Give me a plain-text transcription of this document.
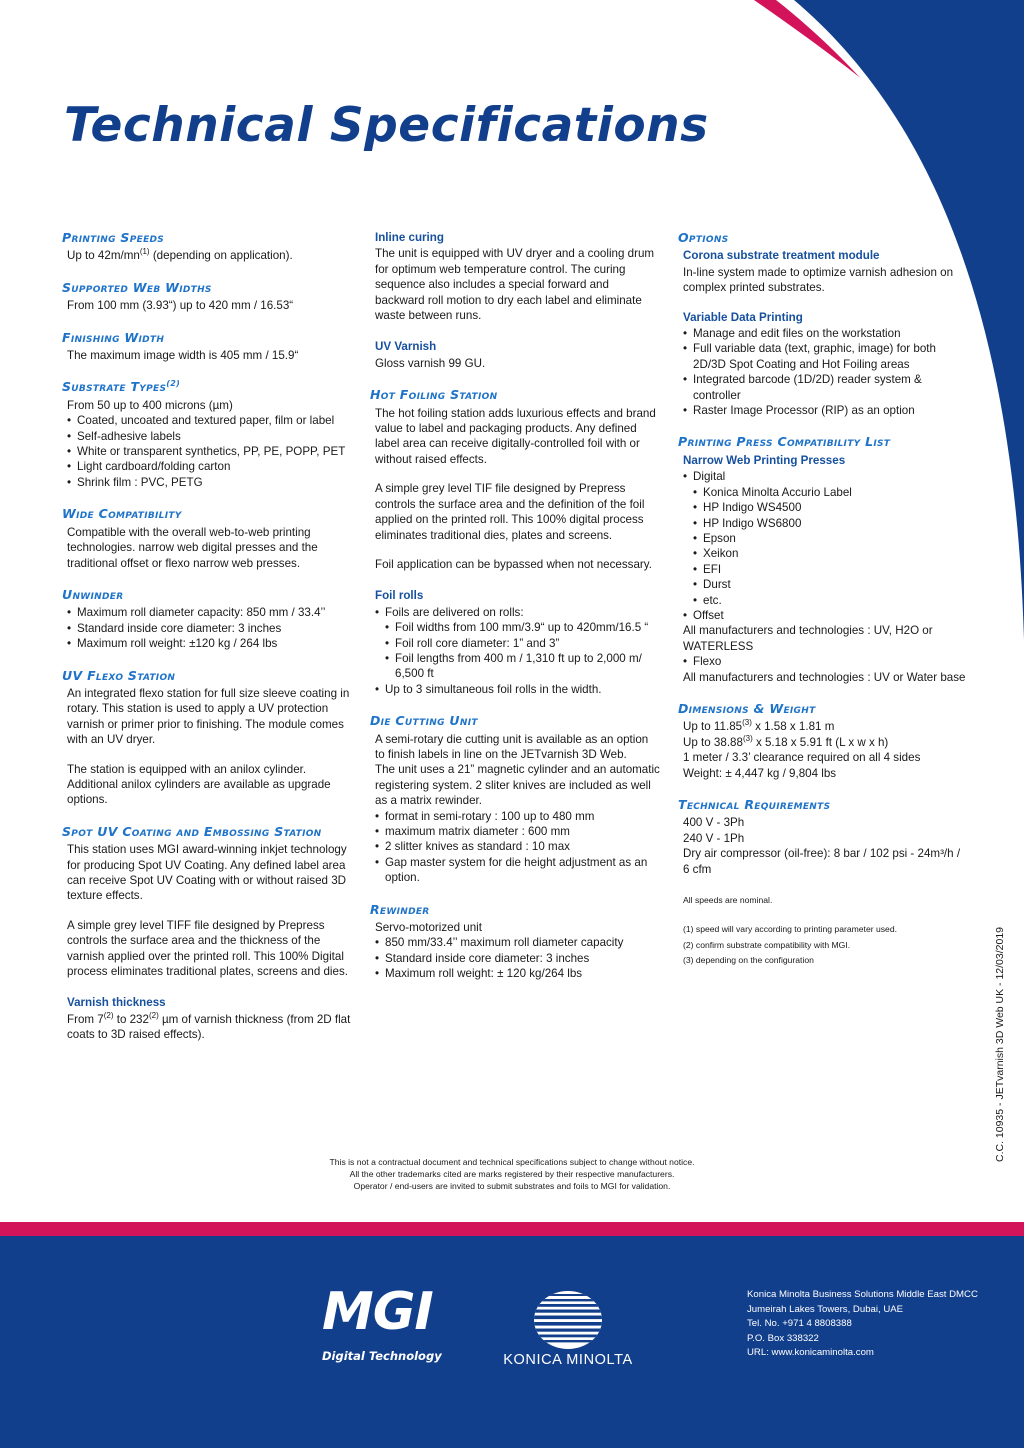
Technical Specifications
Printing Speeds
Up to $42m/mn^{(1)}$ (depending on application).
Supported Web Widths
From 100 mm (3.93“) up to 420 mm / 16.53“
Finishing Width
The maximum image width is 405 mm / 15.9“
Substrate Types$^{(2)}$
From 50 up to 400 microns (µm)
• Coated, uncoated and textured paper, film or label
• Self-adhesive labels
• White or transparent synthetics, PP, PE, POPP, PET
• Light cardboard/folding carton
• Shrink film : PVC, PETG
Wide Compatibility
Compatible with the overall web-to-web printing technologies. narrow web digital presses and the traditional offset or flexo narrow web presses.
Unwinder
• Maximum roll diameter capacity: 850 mm / 33.4’’
• Standard inside core diameter: 3 inches
• Maximum roll weight: ±120 kg / 264 lbs
UV Flexo Station
An integrated flexo station for full size sleeve coating in rotary. This station is used to apply a UV protection varnish or primer prior to finishing. The module comes with an UV dryer.
The station is equipped with an anilox cylinder. Additional anilox cylinders are available as upgrade options.
Spot UV Coating and Embossing Station
This station uses MGI award-winning inkjet technology for producing Spot UV Coating. Any defined label area can receive Spot UV Coating with or without raised 3D texture effects.
A simple grey level TIFF file designed by Prepress controls the surface area and the thickness of the varnish applied over the printed roll. This 100% Digital process eliminates traditional plates, screens and dies.
Varnish thickness
From 7$^{(2)}$ to 232$^{(2)}$ µm of varnish thickness (from 2D flat coats to 3D raised effects).
Inline curing
The unit is equipped with UV dryer and a cooling drum for optimum web temperature control. The curing sequence also includes a special forward and backward roll motion to dry each label and eliminate waste between runs.
UV Varnish
Gloss varnish 99 GU.
Hot Foiling Station
The hot foiling station adds luxurious effects and brand value to label and packaging products. Any defined label area can receive digitally-controlled foil with or without raised effects.
A simple grey level TIF file designed by Prepress controls the surface area and the definition of the foil applied on the printed roll. This 100% digital process eliminates traditional dies, plates and screens.
Foil application can be bypassed when not necessary.
Foil rolls
• Foils are delivered on rolls:
• Foil widths from 100 mm/3.9“ up to 420mm/16.5 “
• Foil roll core diameter: 1” and 3”
• Foil lengths from 400 m / 1,310 ft up to 2,000 m/ 6,500 ft
• Up to 3 simultaneous foil rolls in the width.
Die Cutting Unit
A semi-rotary die cutting unit is available as an option to finish labels in line on the JETvarnish 3D Web.
The unit uses a 21” magnetic cylinder and an automatic registering system. 2 sliter knives are included as well as a matrix rewinder.
• format in semi-rotary : 100 up to 480 mm
• maximum matrix diameter : 600 mm
• 2 slitter knives as standard : 10 max
• Gap master system for die height adjustment as an option.
Rewinder
Servo-motorized unit
• 850 mm/33.4’’ maximum roll diameter capacity
• Standard inside core diameter: 3 inches
• Maximum roll weight: ± 120 kg/264 lbs
Options
Corona substrate treatment module
In-line system made to optimize varnish adhesion on complex printed substrates.
Variable Data Printing
• Manage and edit files on the workstation
• Full variable data (text, graphic, image) for both 2D/3D Spot Coating and Hot Foiling areas
• Integrated barcode (1D/2D) reader system & controller
• Raster Image Processor (RIP) as an option
Printing Press Compatibility List
Narrow Web Printing Presses
• Digital
• Konica Minolta Accurio Label
• HP Indigo WS4500
• HP Indigo WS6800
• Epson
• Xeikon
• EFI
• Durst
• etc.
• Offset
All manufacturers and technologies : UV, H2O or WATERLESS
• Flexo
All manufacturers and technologies : UV or Water base
Dimensions & Weight
Up to 11.85$^{(3)}$ x 1.58 x 1.81 m
Up to 38.88$^{(3)}$ x 5.18 x 5.91 ft (L x w x h)
1 meter / 3.3’ clearance required on all 4 sides
Weight: ± 4,447 kg / 9,804 lbs
Technical Requirements
400 V - 3Ph
240 V - 1Ph
Dry air compressor (oil-free): 8 bar / 102 psi - 24m³/h / 6 cfm
All speeds are nominal.
(1) speed will vary according to printing parameter used.
(2) confirm substrate compatibility with MGI.
(3) depending on the configuration	C.C. 10935 - JETvarnish 3D Web UK - 12/03/2019
This is not a contractual document and technical specifications subject to change without notice.
All the other trademarks cited are marks registered by their respective manufacturers.
Operator / end-users are invited to submit substrates and foils to MGI for validation.
MGI
Digital Technology	KONICA MINOLTA
Konica Minolta Business Solutions Middle East DMCC
Jumeirah Lakes Towers, Dubai, UAE
Tel. No. +971 4 8808388
P.O. Box 338322
URL: www.konicaminolta.com
